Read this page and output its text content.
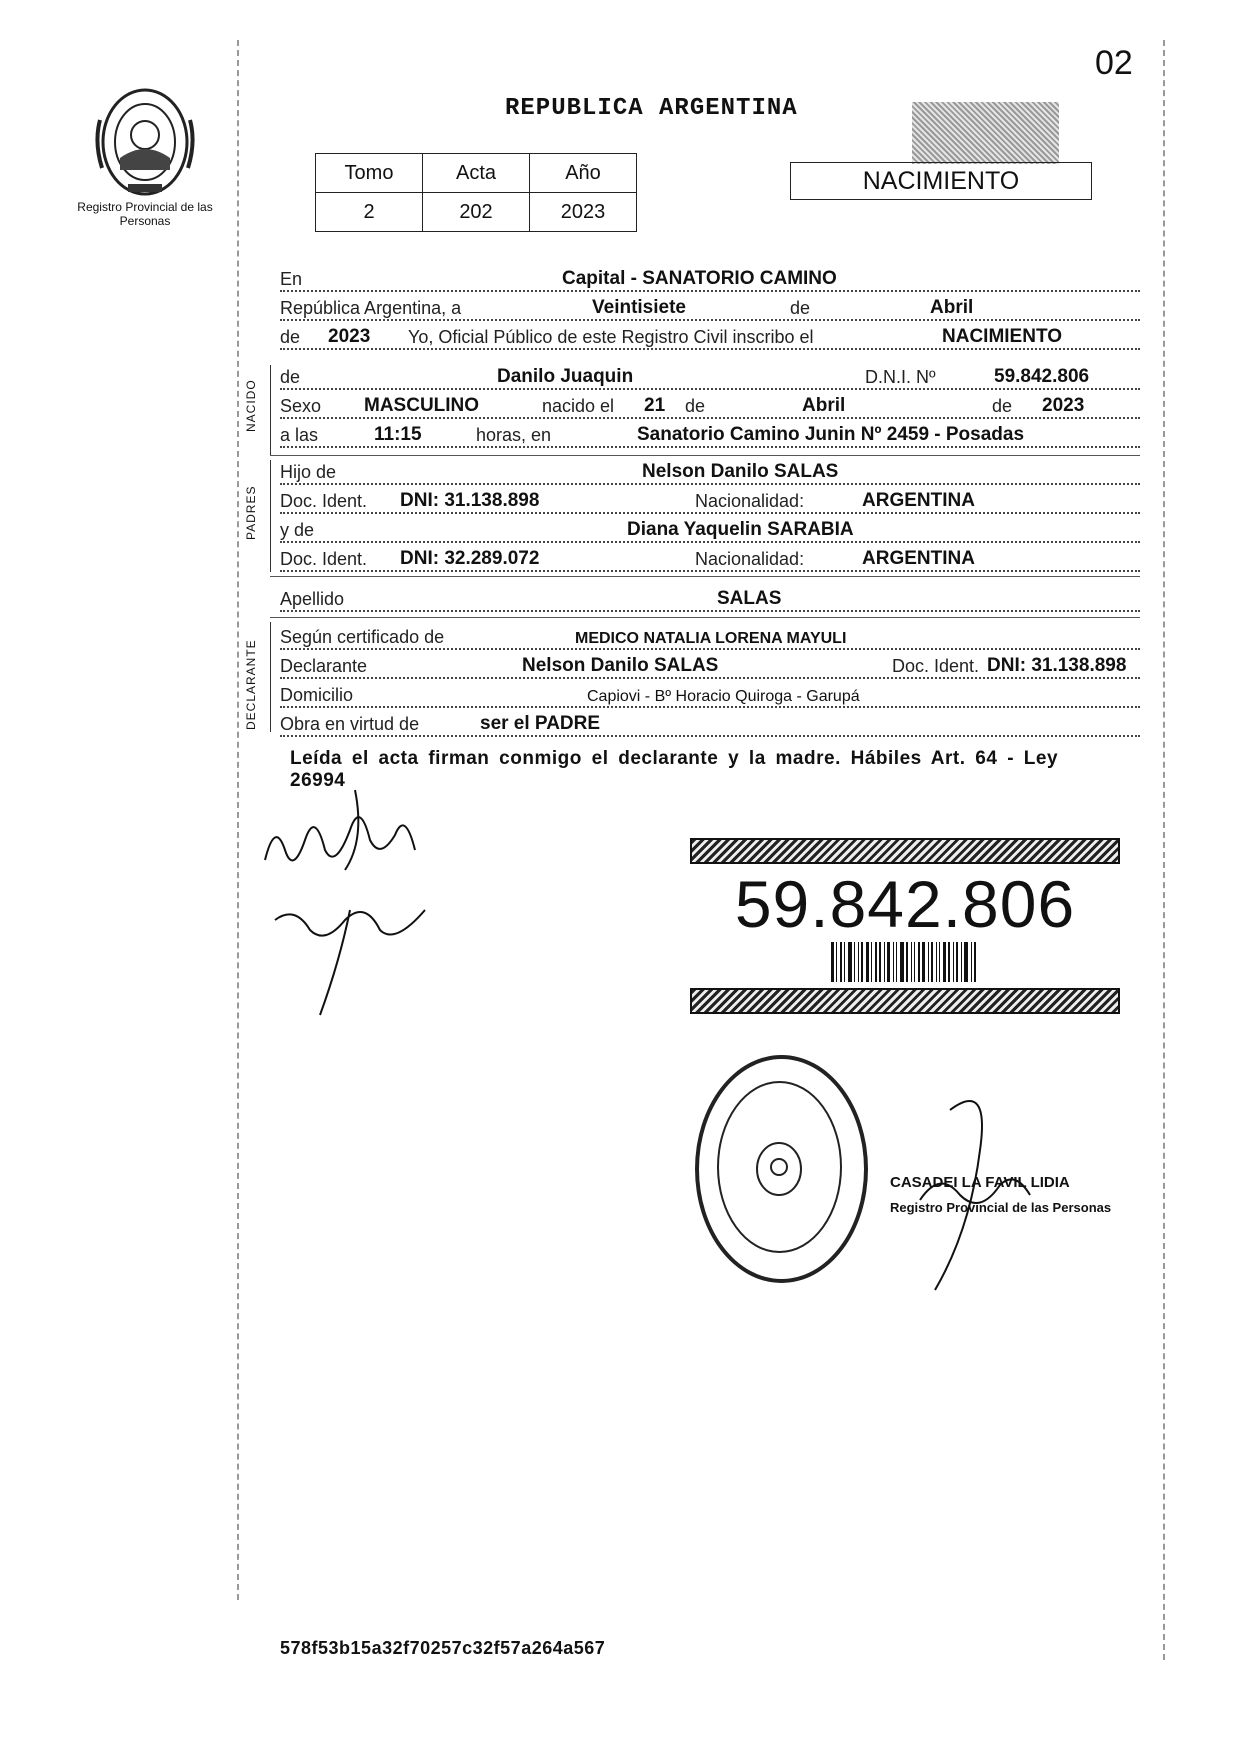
02
Registro Provincial de las Personas
REPUBLICA ARGENTINA
Tomo	Acta	Año
2	202	2023
NACIMIENTO
En	Capital - SANATORIO CAMINO
República Argentina, a	Veintisiete	de	Abril
de 2023 Yo, Oficial Público de este Registro Civil inscribo el	NACIMIENTO
NACIDO
de	Danilo Juaquin	D.N.I. Nº	59.842.806
Sexo MASCULINO	nacido el 21 de	Abril	de 2023
a las	11:15	horas, en	Sanatorio Camino Junin Nº 2459 - Posadas
PADRES
Hijo de	Nelson Danilo SALAS
Doc. Ident. DNI: 31.138.898	Nacionalidad:	ARGENTINA
y de	Diana Yaquelin SARABIA
Doc. Ident. DNI: 32.289.072	Nacionalidad:	ARGENTINA
Apellido	SALAS
DECLARANTE
Según certificado de	MEDICO NATALIA LORENA MAYULI
Declarante	Nelson Danilo SALAS	Doc. Ident. DNI: 31.138.898
Domicilio	Capiovi - Bº Horacio Quiroga - Garupá
Obra en virtud de	ser el PADRE
Leída el acta firman conmigo el declarante y la madre. Hábiles Art. 64 - Ley 26994
59.842.806
CASADEI LA FAVIL LIDIA
Registro Provincial de las Personas
578f53b15a32f70257c32f57a264a567
